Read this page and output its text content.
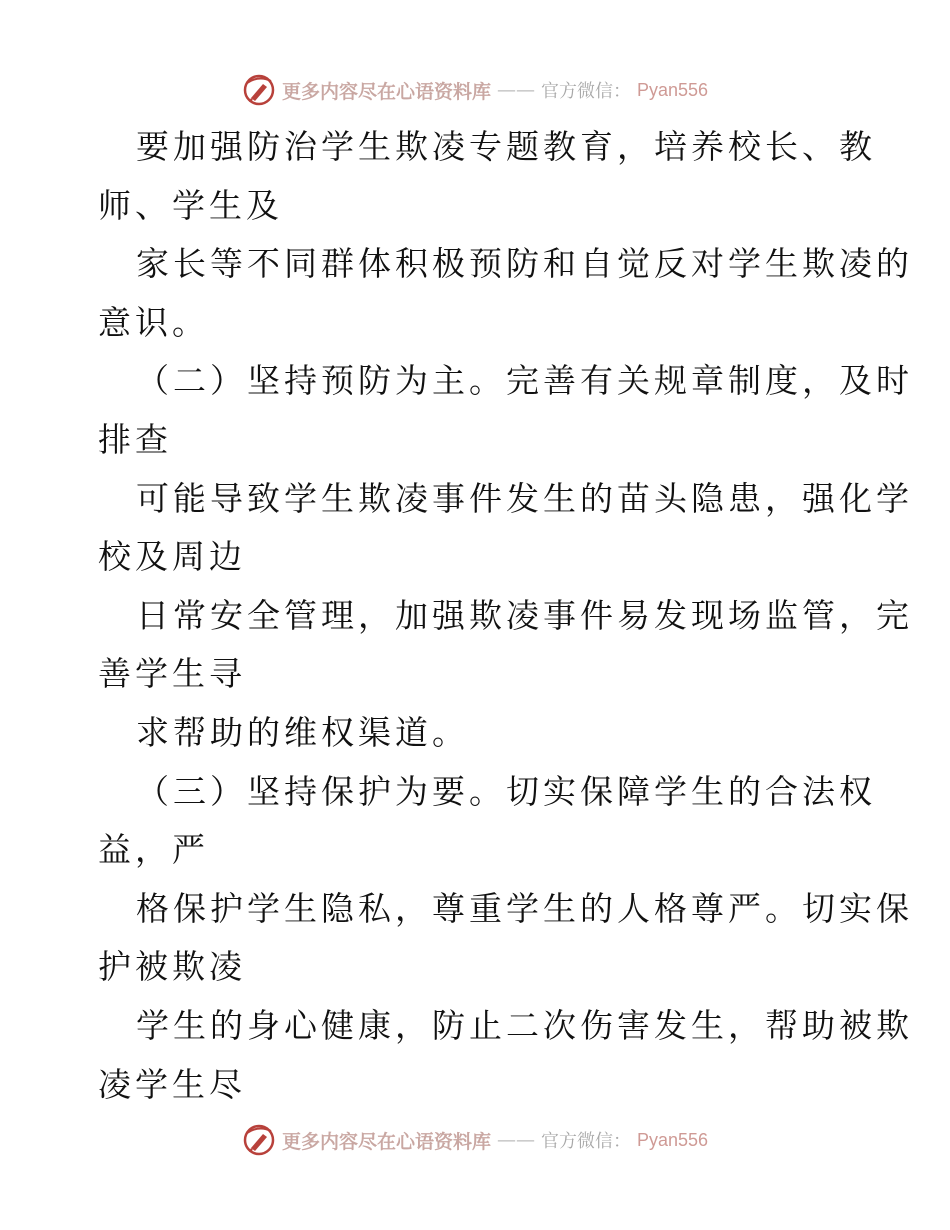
更多内容尽在心语资料库 —— 官方微信： Pyan556
要加强防治学生欺凌专题教育，培养校长、教
师、学生及
家长等不同群体积极预防和自觉反对学生欺凌的
意识。
（二）坚持预防为主。完善有关规章制度，及时
排查
可能导致学生欺凌事件发生的苗头隐患，强化学
校及周边
日常安全管理，加强欺凌事件易发现场监管，完
善学生寻
求帮助的维权渠道。
（三）坚持保护为要。切实保障学生的合法权
益，严
格保护学生隐私，尊重学生的人格尊严。切实保
护被欺凌
学生的身心健康，防止二次伤害发生，帮助被欺
凌学生尽
更多内容尽在心语资料库 —— 官方微信： Pyan556
